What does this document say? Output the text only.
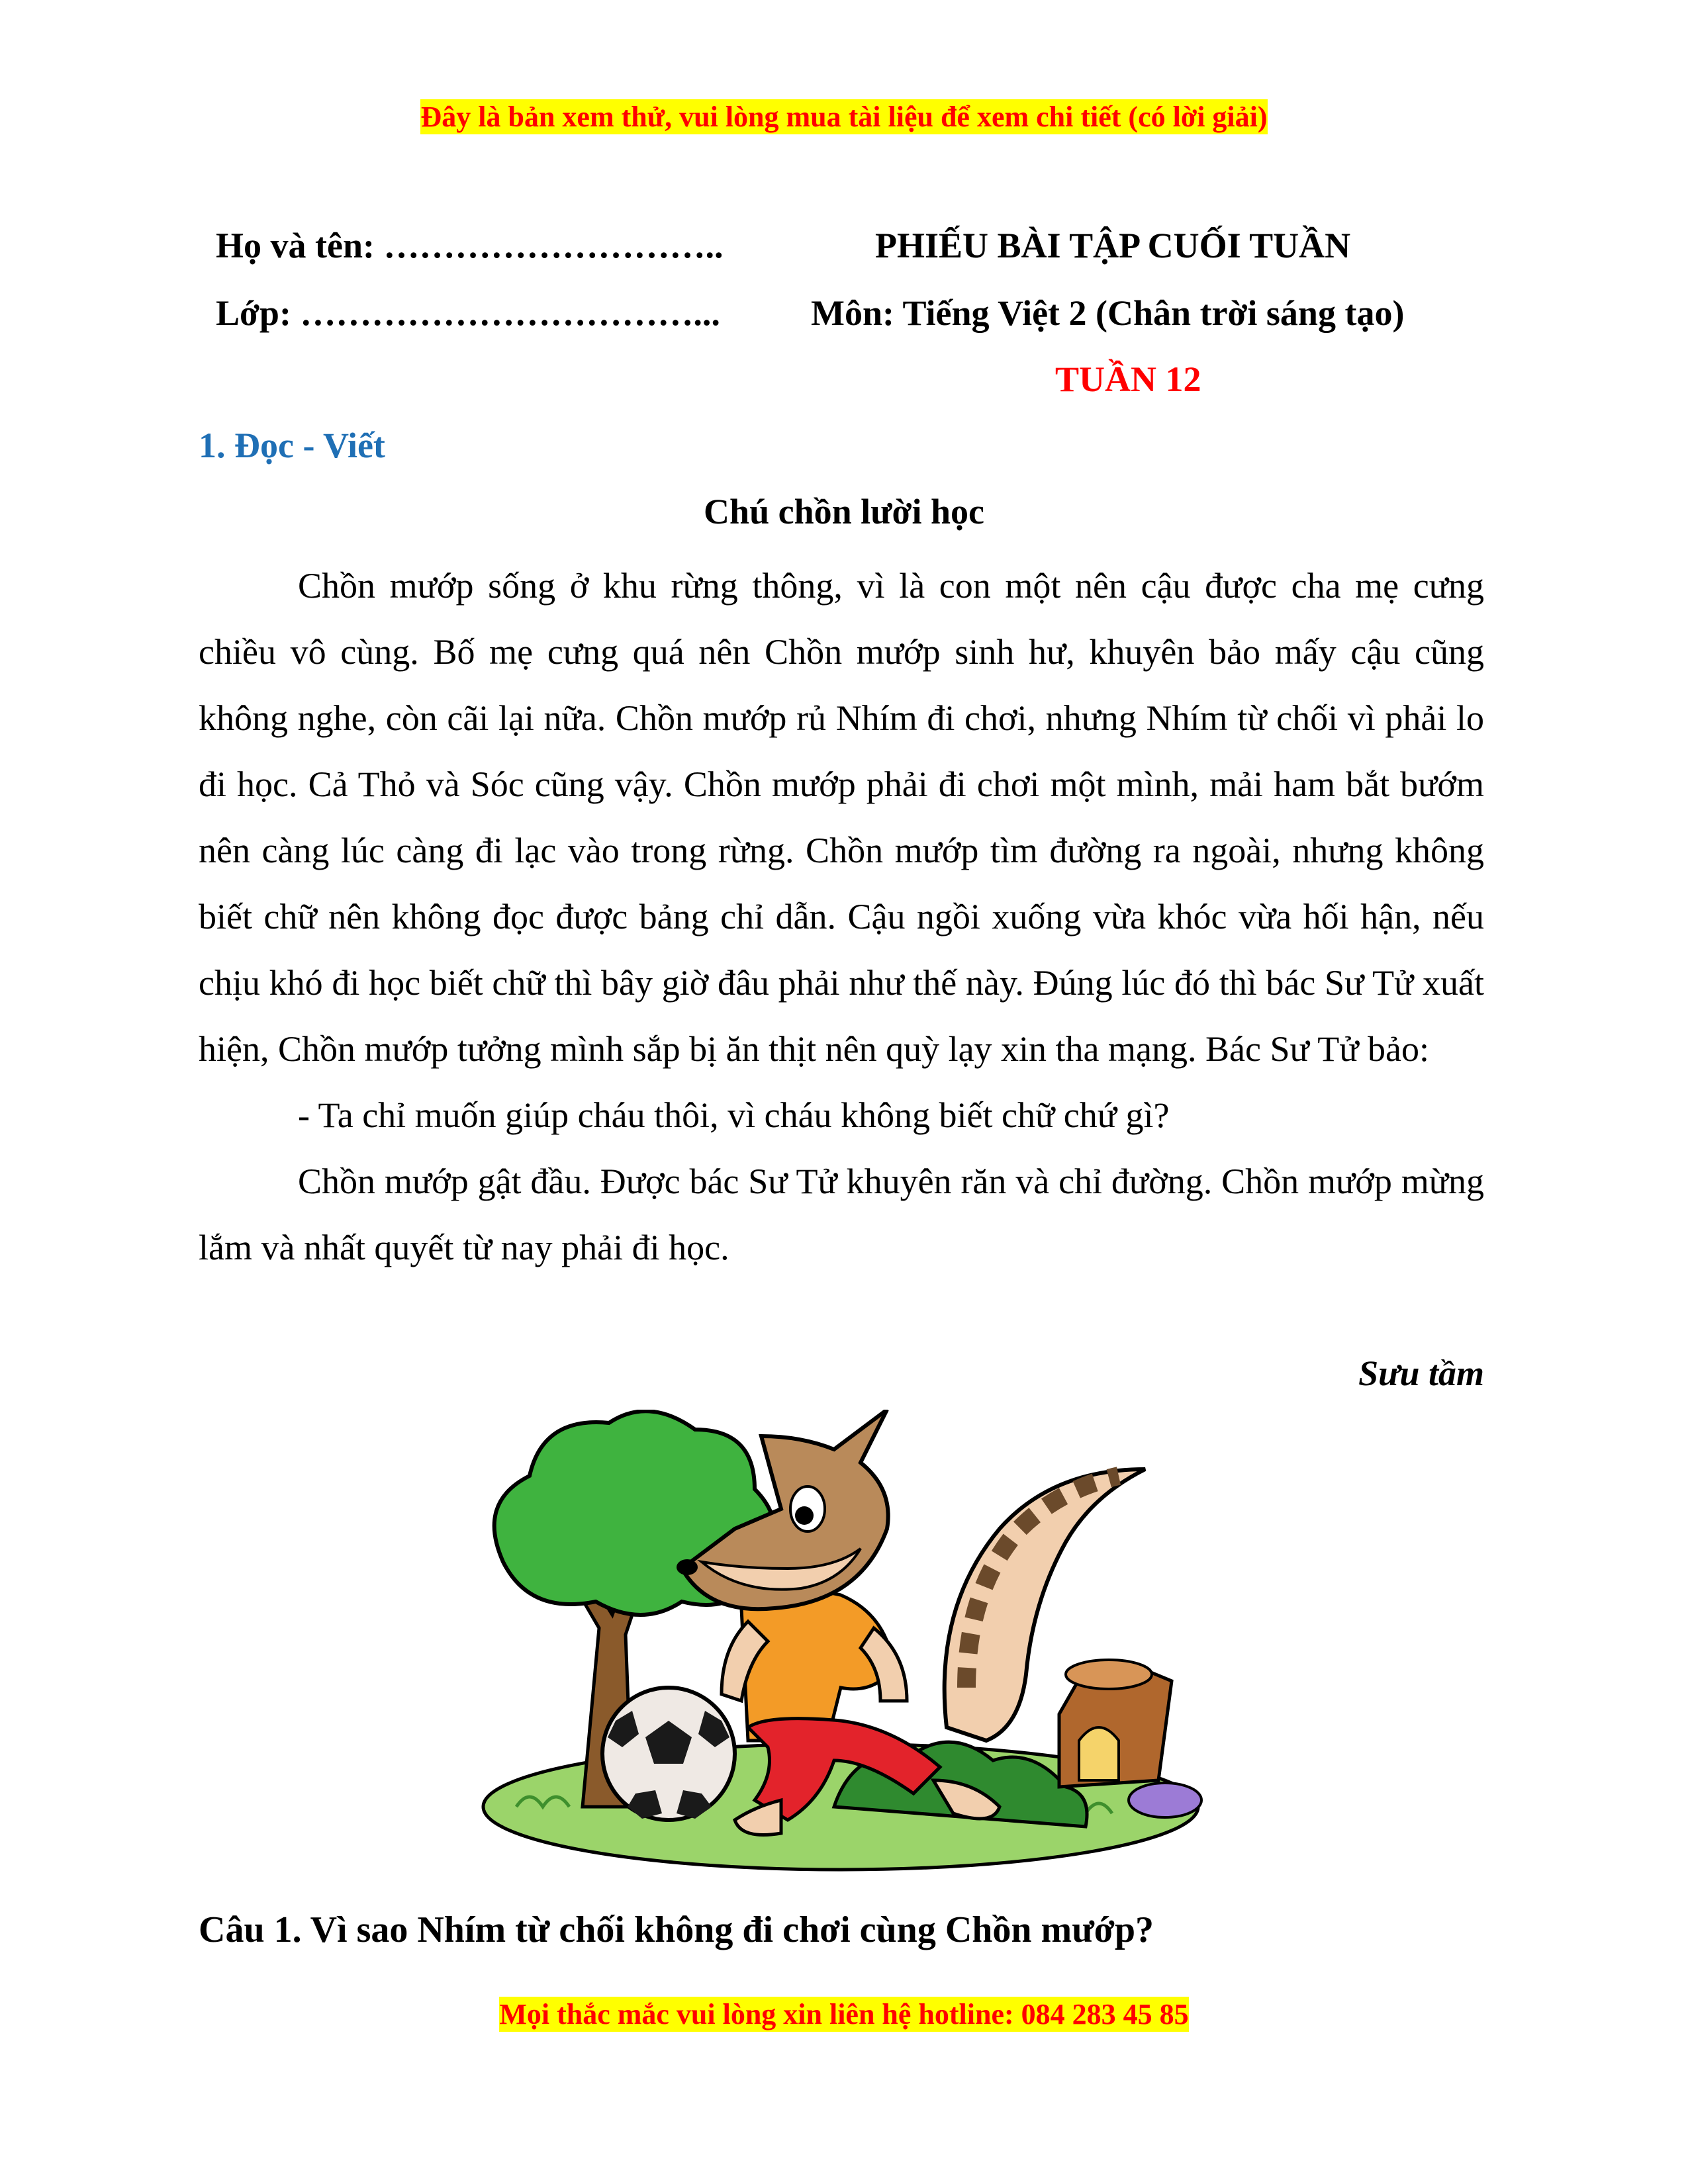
Đây là bản xem thử, vui lòng mua tài liệu để xem chi tiết (có lời giải)
Họ và tên: ………………………..
Lớp: ……………………………...
PHIẾU BÀI TẬP CUỐI TUẦN
Môn: Tiếng Việt 2 (Chân trời sáng tạo)
TUẦN 12
1. Đọc - Viết
Chú chồn lười học

Chồn mướp sống ở khu rừng thông, vì là con một nên cậu được cha mẹ cưng chiều vô cùng. Bố mẹ cưng quá nên Chồn mướp sinh hư, khuyên bảo mấy cậu cũng không nghe, còn cãi lại nữa. Chồn mướp rủ Nhím đi chơi, nhưng Nhím từ chối vì phải lo đi học. Cả Thỏ và Sóc cũng vậy. Chồn mướp phải đi chơi một mình, mải ham bắt bướm nên càng lúc càng đi lạc vào trong rừng. Chồn mướp tìm đường ra ngoài, nhưng không biết chữ nên không đọc được bảng chỉ dẫn. Cậu ngồi xuống vừa khóc vừa hối hận, nếu chịu khó đi học biết chữ thì bây giờ đâu phải như thế này. Đúng lúc đó thì bác Sư Tử xuất hiện, Chồn mướp tưởng mình sắp bị ăn thịt nên quỳ lạy xin tha mạng. Bác Sư Tử bảo:

- Ta chỉ muốn giúp cháu thôi, vì cháu không biết chữ chứ gì?

Chồn mướp gật đầu. Được bác Sư Tử khuyên răn và chỉ đường. Chồn mướp mừng lắm và nhất quyết từ nay phải đi học.

Sưu tầm
Câu 1. Vì sao Nhím từ chối không đi chơi cùng Chồn mướp?
Mọi thắc mắc vui lòng xin liên hệ hotline: 084 283 45 85
